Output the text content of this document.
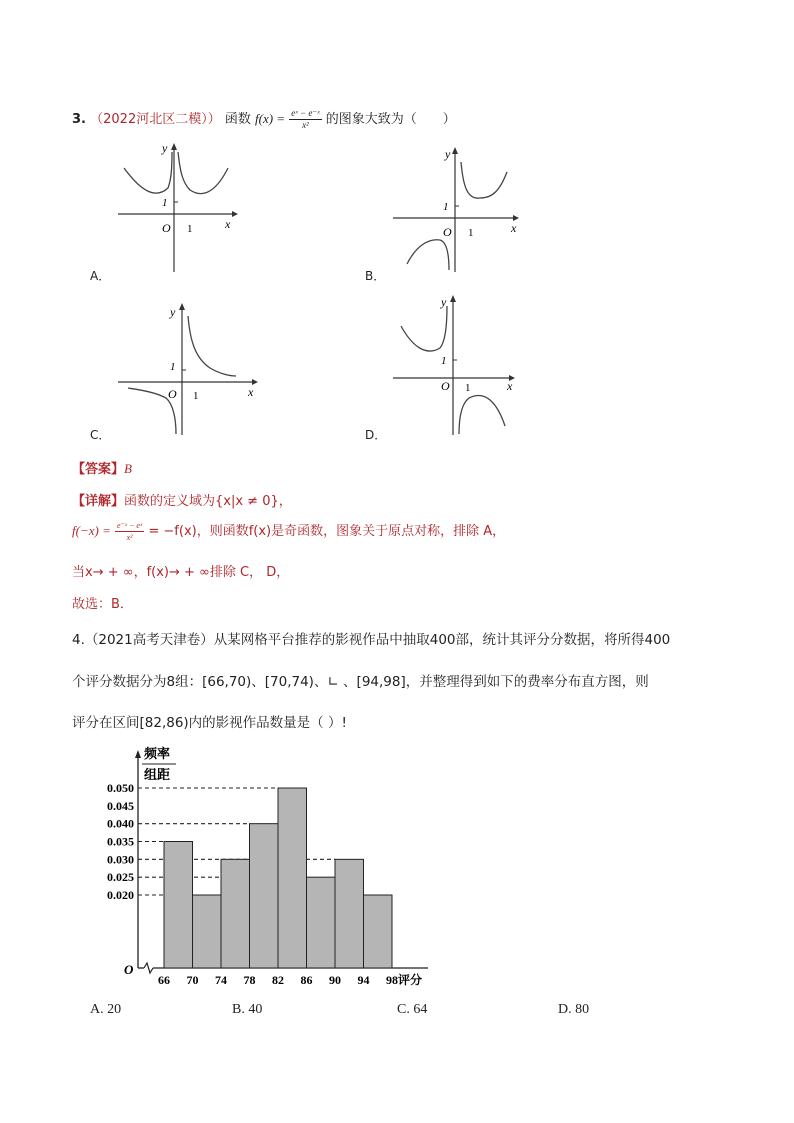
3. （2022河北区二模）） 函数 $f(x) = \frac{\text{eˣ − e⁻ˣ}}{\text{x²}}$ 的图象大致为（　　）
1
1
O
y
x
A．
1
1
O
y
x
B．
1
1
O
y
x
C．
1
1
O
y
x
D．
【答案】B
【详解】函数的定义域为{x|x ≠ 0}，
$f(-x) = \frac{\text{e⁻ˣ − eˣ}}{\text{x²}} = -f(x)$，则函数f(x)是奇函数，图象关于原点对称，排除 A，
当x→ + ∞，f(x)→ + ∞排除 C， D，
故选：B．
4.（2021高考天津卷）从某网格平台推荐的影视作品中抽取400部，统计其评分分数据，将所得400
个评分数据分为8组：[66,70)、[70,74)、∟ 、[94,98]，并整理得到如下的费率分布直方图，则
评分在区间[82,86)内的影视作品数量是（ ）!
0.050
0.045
0.040
0.035
0.030
0.025
0.020
66 70 74 78 82 86 90 94 98 评分
O
频率
组距
A. 20	B. 40	C. 64	D. 80
